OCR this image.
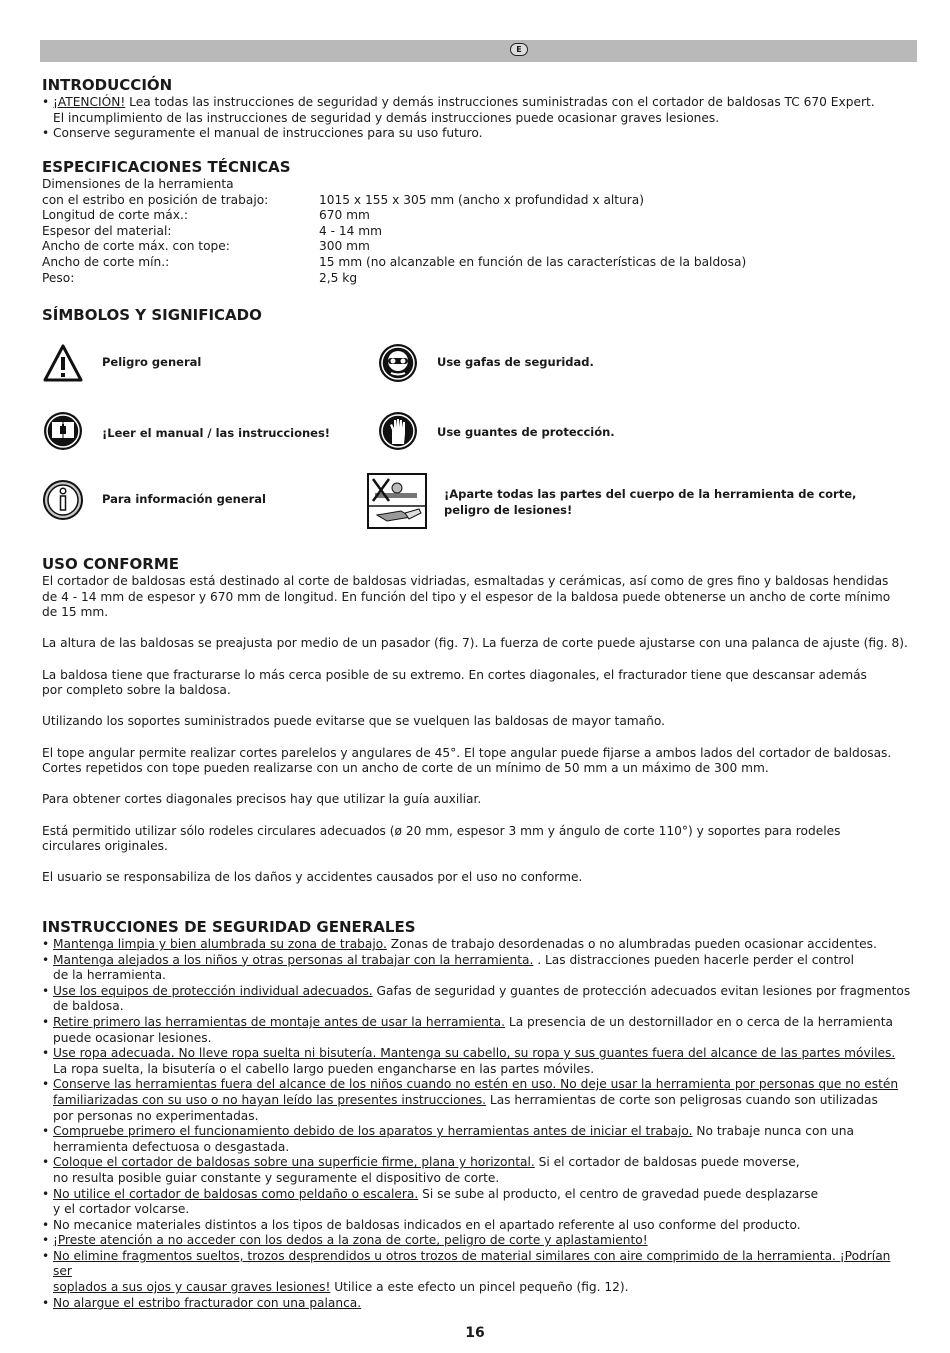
E
INTRODUCCIÓN
• ¡ATENCIÓN! Lea todas las instrucciones de seguridad y demás instrucciones suministradas con el cortador de baldosas TC 670 Expert.
El incumplimiento de las instrucciones de seguridad y demás instrucciones puede ocasionar graves lesiones.
• Conserve seguramente el manual de instrucciones para su uso futuro.
ESPECIFICACIONES TÉCNICAS
Dimensiones de la herramienta
con el estribo en posición de trabajo:	1015 x 155 x 305 mm (ancho x profundidad x altura)
Longitud de corte máx.:	670 mm
Espesor del material:	4 - 14 mm
Ancho de corte máx. con tope:	300 mm
Ancho de corte mín.:	15 mm (no alcanzable en función de las características de la baldosa)
Peso:	2,5 kg
SÍMBOLOS Y SIGNIFICADO
Peligro general	Use gafas de seguridad.
¡Leer el manual / las instrucciones!	Use guantes de protección.
Para información general	¡Aparte todas las partes del cuerpo de la herramienta de corte,
peligro de lesiones!
USO CONFORME
El cortador de baldosas está destinado al corte de baldosas vidriadas, esmaltadas y cerámicas, así como de gres fino y baldosas hendidas
de 4 - 14 mm de espesor y 670 mm de longitud. En función del tipo y el espesor de la baldosa puede obtenerse un ancho de corte mínimo
de 15 mm.
La altura de las baldosas se preajusta por medio de un pasador (fig. 7). La fuerza de corte puede ajustarse con una palanca de ajuste (fig. 8).
La baldosa tiene que fracturarse lo más cerca posible de su extremo. En cortes diagonales, el fracturador tiene que descansar además
por completo sobre la baldosa.
Utilizando los soportes suministrados puede evitarse que se vuelquen las baldosas de mayor tamaño.
El tope angular permite realizar cortes parelelos y angulares de 45°. El tope angular puede fijarse a ambos lados del cortador de baldosas.
Cortes repetidos con tope pueden realizarse con un ancho de corte de un mínimo de 50 mm a un máximo de 300 mm.
Para obtener cortes diagonales precisos hay que utilizar la guía auxiliar.
Está permitido utilizar sólo rodeles circulares adecuados (ø 20 mm, espesor 3 mm y ángulo de corte 110°) y soportes para rodeles
circulares originales.
El usuario se responsabiliza de los daños y accidentes causados por el uso no conforme.
INSTRUCCIONES DE SEGURIDAD GENERALES
• Mantenga limpia y bien alumbrada su zona de trabajo. Zonas de trabajo desordenadas o no alumbradas pueden ocasionar accidentes.
• Mantenga alejados a los niños y otras personas al trabajar con la herramienta. . Las distracciones pueden hacerle perder el control
de la herramienta.
• Use los equipos de protección individual adecuados. Gafas de seguridad y guantes de protección adecuados evitan lesiones por fragmentos
de baldosa.
• Retire primero las herramientas de montaje antes de usar la herramienta. La presencia de un destornillador en o cerca de la herramienta
puede ocasionar lesiones.
• Use ropa adecuada. No lleve ropa suelta ni bisutería. Mantenga su cabello, su ropa y sus guantes fuera del alcance de las partes móviles.
La ropa suelta, la bisutería o el cabello largo pueden engancharse en las partes móviles.
• Conserve las herramientas fuera del alcance de los niños cuando no estén en uso. No deje usar la herramienta por personas que no estén
familiarizadas con su uso o no hayan leído las presentes instrucciones. Las herramientas de corte son peligrosas cuando son utilizadas
por personas no experimentadas.
• Compruebe primero el funcionamiento debido de los aparatos y herramientas antes de iniciar el trabajo. No trabaje nunca con una
herramienta defectuosa o desgastada.
• Coloque el cortador de baldosas sobre una superficie firme, plana y horizontal. Si el cortador de baldosas puede moverse,
no resulta posible guiar constante y seguramente el dispositivo de corte.
• No utilice el cortador de baldosas como peldaño o escalera. Si se sube al producto, el centro de gravedad puede desplazarse
y el cortador volcarse.
• No mecanice materiales distintos a los tipos de baldosas indicados en el apartado referente al uso conforme del producto.
• ¡Preste atención a no acceder con los dedos a la zona de corte, peligro de corte y aplastamiento!
• No elimine fragmentos sueltos, trozos desprendidos u otros trozos de material similares con aire comprimido de la herramienta. ¡Podrían ser
soplados a sus ojos y causar graves lesiones! Utilice a este efecto un pincel pequeño (fig. 12).
• No alargue el estribo fracturador con una palanca.
16
